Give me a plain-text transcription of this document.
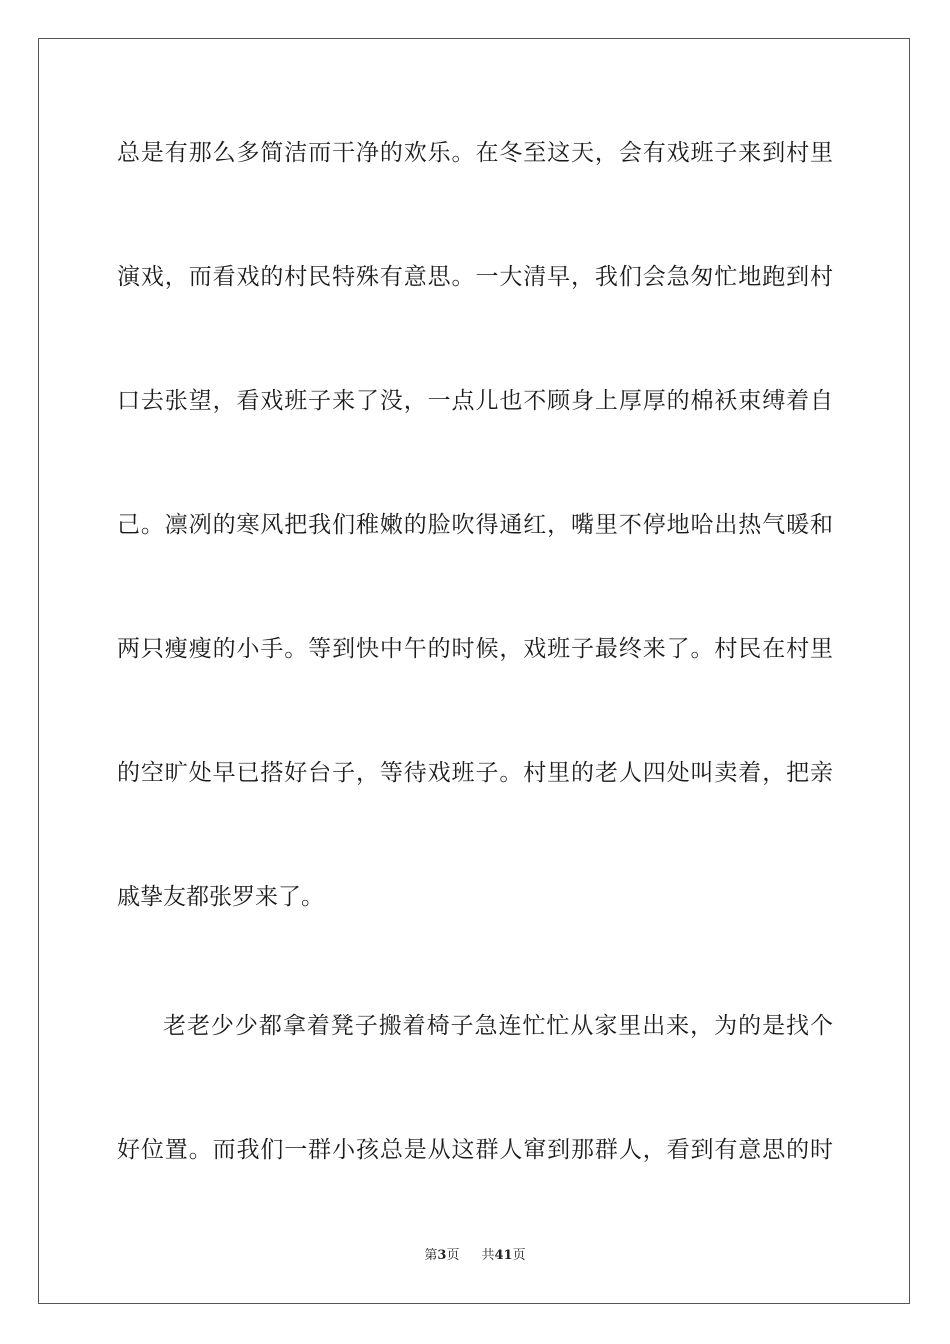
总是有那么多简洁而干净的欢乐。在冬至这天，会有戏班子来到村里
演戏，而看戏的村民特殊有意思。一大清早，我们会急匆忙地跑到村
口去张望，看戏班子来了没，一点儿也不顾身上厚厚的棉袄束缚着自
己。凛冽的寒风把我们稚嫩的脸吹得通红，嘴里不停地哈出热气暖和
两只瘦瘦的小手。等到快中午的时候，戏班子最终来了。村民在村里
的空旷处早已搭好台子，等待戏班子。村里的老人四处叫卖着，把亲
戚挚友都张罗来了。
老老少少都拿着凳子搬着椅子急连忙忙从家里出来，为的是找个
好位置。而我们一群小孩总是从这群人窜到那群人，看到有意思的时
第3页 共41页
